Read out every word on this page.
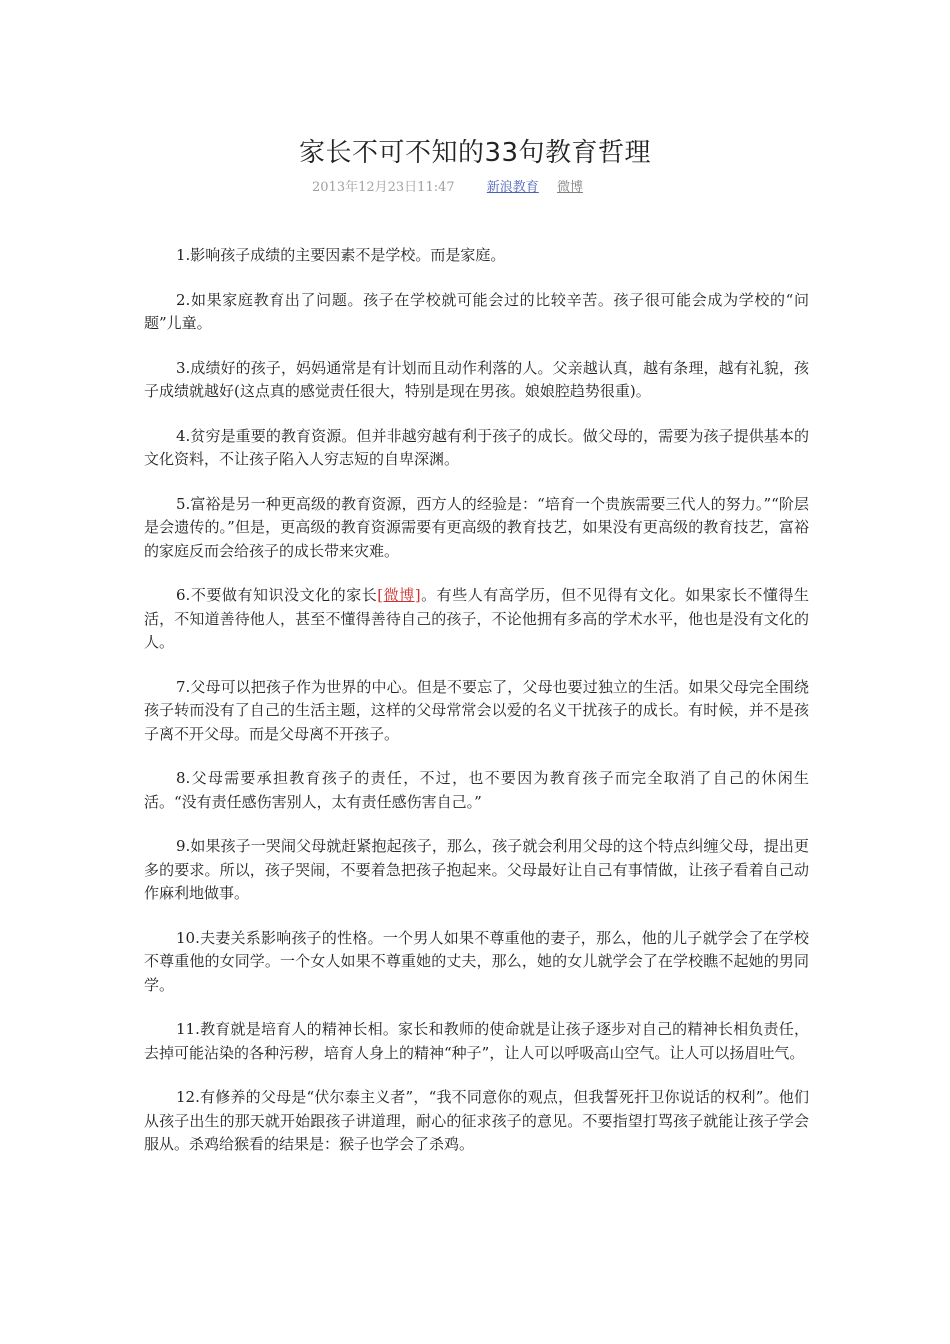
家长不可不知的33句教育哲理
2013年12月23日11:47 新浪教育 微博

1.影响孩子成绩的主要因素不是学校。而是家庭。

2.如果家庭教育出了问题。孩子在学校就可能会过的比较辛苦。孩子很可能会成为学校的“问题”儿童。

3.成绩好的孩子，妈妈通常是有计划而且动作利落的人。父亲越认真，越有条理，越有礼貌，孩子成绩就越好(这点真的感觉责任很大，特别是现在男孩。娘娘腔趋势很重)。

4.贫穷是重要的教育资源。但并非越穷越有利于孩子的成长。做父母的，需要为孩子提供基本的文化资料，不让孩子陷入人穷志短的自卑深渊。

5.富裕是另一种更高级的教育资源，西方人的经验是：“培育一个贵族需要三代人的努力。”“阶层是会遗传的。”但是，更高级的教育资源需要有更高级的教育技艺，如果没有更高级的教育技艺，富裕的家庭反而会给孩子的成长带来灾难。

6.不要做有知识没文化的家长[微博]。有些人有高学历，但不见得有文化。如果家长不懂得生活，不知道善待他人，甚至不懂得善待自己的孩子，不论他拥有多高的学术水平，他也是没有文化的人。

7.父母可以把孩子作为世界的中心。但是不要忘了，父母也要过独立的生活。如果父母完全围绕孩子转而没有了自己的生活主题，这样的父母常常会以爱的名义干扰孩子的成长。有时候，并不是孩子离不开父母。而是父母离不开孩子。

8.父母需要承担教育孩子的责任，不过，也不要因为教育孩子而完全取消了自己的休闲生活。“没有责任感伤害别人，太有责任感伤害自己。”

9.如果孩子一哭闹父母就赶紧抱起孩子，那么，孩子就会利用父母的这个特点纠缠父母，提出更多的要求。所以，孩子哭闹，不要着急把孩子抱起来。父母最好让自己有事情做，让孩子看着自己动作麻利地做事。

10.夫妻关系影响孩子的性格。一个男人如果不尊重他的妻子，那么，他的儿子就学会了在学校不尊重他的女同学。一个女人如果不尊重她的丈夫，那么，她的女儿就学会了在学校瞧不起她的男同学。

11.教育就是培育人的精神长相。家长和教师的使命就是让孩子逐步对自己的精神长相负责任，去掉可能沾染的各种污秽，培育人身上的精神“种子”，让人可以呼吸高山空气。让人可以扬眉吐气。

12.有修养的父母是“伏尔泰主义者”，“我不同意你的观点，但我誓死扞卫你说话的权利”。他们从孩子出生的那天就开始跟孩子讲道理，耐心的征求孩子的意见。不要指望打骂孩子就能让孩子学会服从。杀鸡给猴看的结果是：猴子也学会了杀鸡。
